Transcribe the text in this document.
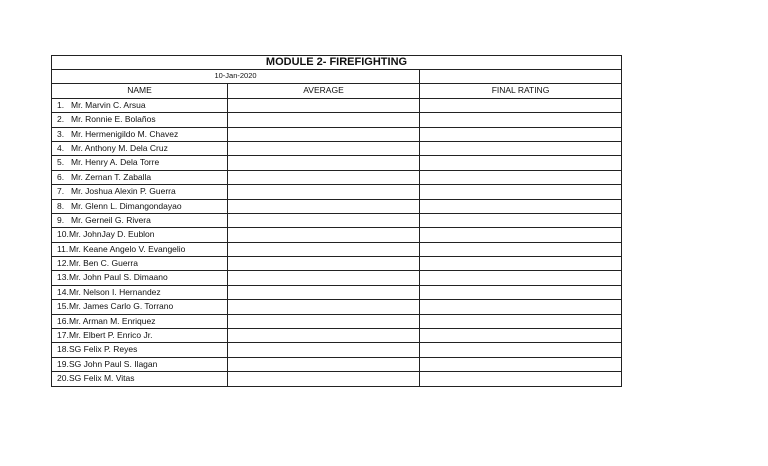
MODULE 2- FIREFIGHTING
10-Jan-2020
NAME	AVERAGE	FINAL RATING
1. Mr. Marvin C. Arsua
2. Mr. Ronnie E. Bolaños
3. Mr. Hermenigildo M. Chavez
4. Mr. Anthony M. Dela Cruz
5. Mr. Henry A. Dela Torre
6. Mr. Zernan T. Zaballa
7. Mr. Joshua Alexin P. Guerra
8. Mr. Glenn L. Dimangondayao
9. Mr. Gerneil G. Rivera
10.Mr. JohnJay D. Eublon
11.Mr. Keane Angelo V. Evangelio
12.Mr. Ben C. Guerra
13.Mr. John Paul S. Dimaano
14.Mr. Nelson I. Hernandez
15.Mr. James Carlo G. Torrano
16.Mr. Arman M. Enriquez
17.Mr. Elbert P. Enrico Jr.
18.SG Felix P. Reyes
19.SG John Paul S. Ilagan
20.SG Felix M. Vitas
